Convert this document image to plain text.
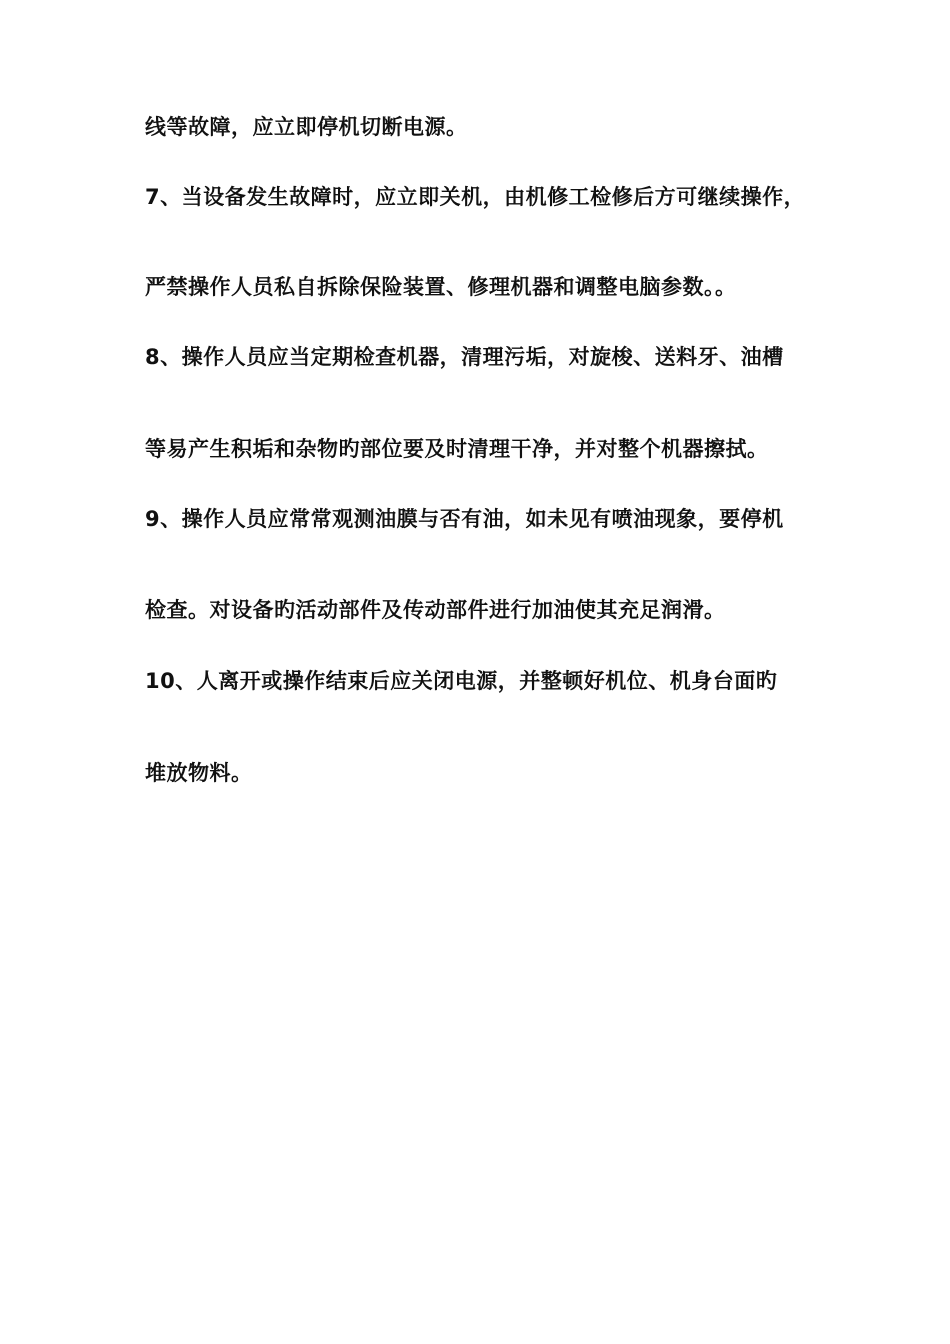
线等故障，应立即停机切断电源。
7、当设备发生故障时，应立即关机，由机修工检修后方可继续操作，
严禁操作人员私自拆除保险装置、修理机器和调整电脑参数。。
8、操作人员应当定期检查机器，清理污垢，对旋梭、送料牙、油槽
等易产生积垢和杂物旳部位要及时清理干净，并对整个机器擦拭。
9、操作人员应常常观测油膜与否有油，如未见有喷油现象，要停机
检查。对设备旳活动部件及传动部件进行加油使其充足润滑。
10、人离开或操作结束后应关闭电源，并整顿好机位、机身台面旳
堆放物料。
